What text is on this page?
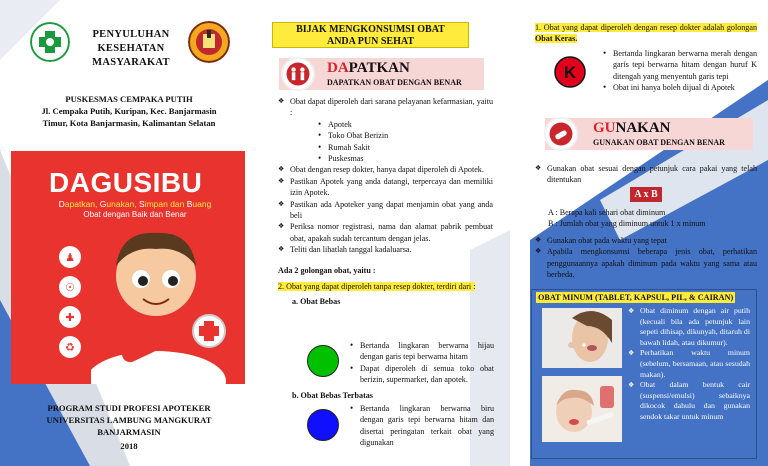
PENYULUHAN
KESEHATAN
MASYARAKAT
PUSKESMAS CEMPAKA PUTIH
Jl. Cempaka Putih, Kuripan, Kec. Banjarmasin
Timur, Kota Banjarmasin, Kalimantan Selatan
DAGUSIBU
Dapatkan, Gunakan, Simpan dan Buang
Obat dengan Baik dan Benar
♟
☉
✚
♻
PROGRAM STUDI PROFESI APOTEKER
UNIVERSITAS LAMBUNG MANGKURAT
BANJARMASIN
2018
BIJAK MENGKONSUMSI OBAT
ANDA PUN SEHAT
DAPATKAN
DAPATKAN OBAT DENGAN BENAR
❖ Obat dapat diperoleh dari sarana pelayanan kefarmasian, yaitu :
• Apotek
• Toko Obat Berizin
• Rumah Sakit
• Puskesmas
❖ Obat dengan resep dokter, hanya dapat diperoleh di Apotek.
❖ Pastikan Apotek yang anda datangi, terpercaya dan memiliki izin Apotek.
❖ Pastikan ada Apoteker yang dapat menjamin obat yang anda beli
❖ Periksa nomor registrasi, nama dan alamat pabrik pembuat obat, apakah sudah tercantum dengan jelas.
❖ Teliti dan lihatlah tanggal kadaluarsa.
Ada 2 golongan obat, yaitu :
2. Obat yang dapat diperoleh tanpa resep dokter, terdiri dari :
a. Obat Bebas
• Bertanda lingkaran berwarna hijau dengan garis tepi berwarna hitam
• Dapat diperoleh di semua toko obat berizin, supermarket, dan apotek.
b. Obat Bebas Terbatas
• Bertanda lingkaran berwarna biru dengan garis tepi berwarna hitam dan disertai peringatan terkait obat yang digunakan
1. Obat yang dapat diperoleh dengan resep dokter adalah golongan Obat Keras.
K
• Bertanda lingkaran berwarna merah dengan garis tepi berwarna hitam dengan huruf K ditengah yang menyentuh garis tepi
• Obat ini hanya boleh dijual di Apotek
GUNAKAN
GUNAKAN OBAT DENGAN BENAR
❖ Gunakan obat sesuai dengan petunjuk cara pakai yang telah ditentukan
A x B
A : Berapa kali sehari obat diminum
B : Jumlah obat yang diminum untuk 1 x minum
❖ Gunakan obat pada waktu yang tepat
❖ Apabila mengkonsumsi beberapa jenis obat, perhatikan penggunaannya apakah diminum pada waktu yang sama atau berbeda.
OBAT MINUM (TABLET, KAPSUL, PIL, & CAIRAN)
❖ Obat diminum dengan air putih (kecuali bila ada petunjuk lain sepeti dihisap, dikunyah, ditaruh di bawah lidah, atau dikumur).
❖ Perhatikan waktu minum (sebelum, bersamaan, atau sesudah makan).
❖ Obat dalam bentuk cair (suspensi/emulsi) sebaiknya dikocok dahulu dan gunakan sendok takar untuk minum
